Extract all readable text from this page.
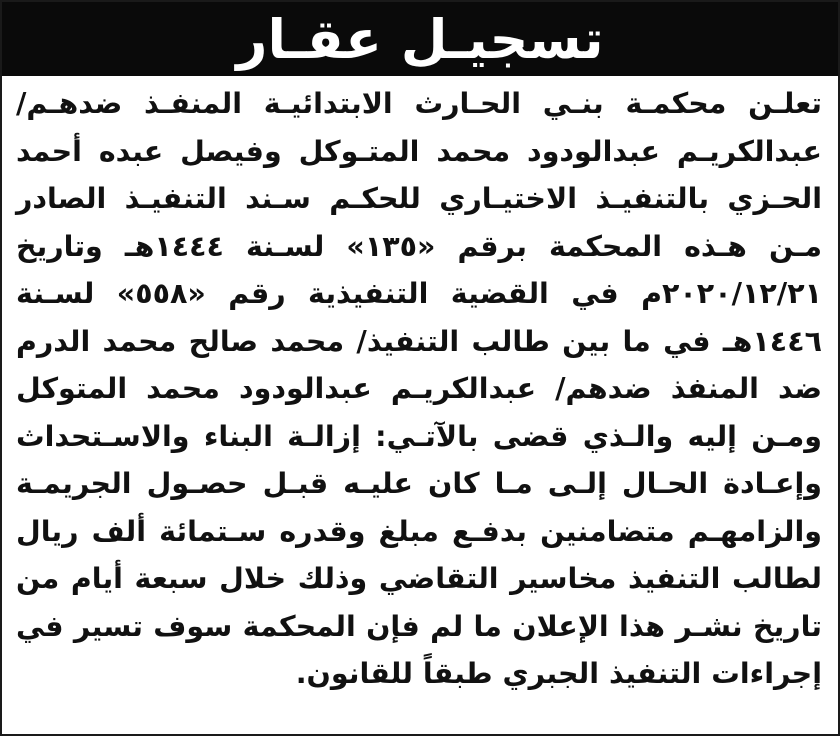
تسجيـل عقـار
تعلـن محكمـة بنـي الحـارث الابتدائيـة المنفـذ ضدهـم/
عبدالكريـم عبدالودود محمد المتـوكل وفيصل عبده أحمد
الحـزي بالتنفيـذ الاختيـاري للحكـم سـند التنفيـذ الصادر
مـن هـذه المحكمة برقم «١٣٥» لسـنة ١٤٤٤هـ وتاريخ
٢٠٢٠/١٢/٢١م في القضية التنفيذية رقم «٥٥٨» لسـنة
١٤٤٦هـ في ما بين طالب التنفيذ/ محمد صالح محمد الدرم
ضد المنفذ ضدهم/ عبدالكريـم عبدالودود محمد المتوكل
ومـن إليه والـذي قضى بالآتـي: إزالـة البناء والاسـتحداث
وإعـادة الحـال إلـى مـا كان عليـه قبـل حصـول الجريمـة
والزامهـم متضامنين بدفـع مبلغ وقدره سـتمائة ألف ريال
لطالب التنفيذ مخاسير التقاضي وذلك خلال سبعة أيام من
تاريخ نشـر هذا الإعلان ما لم فإن المحكمة سوف تسير في
إجراءات التنفيذ الجبري طبقاً للقانون.
